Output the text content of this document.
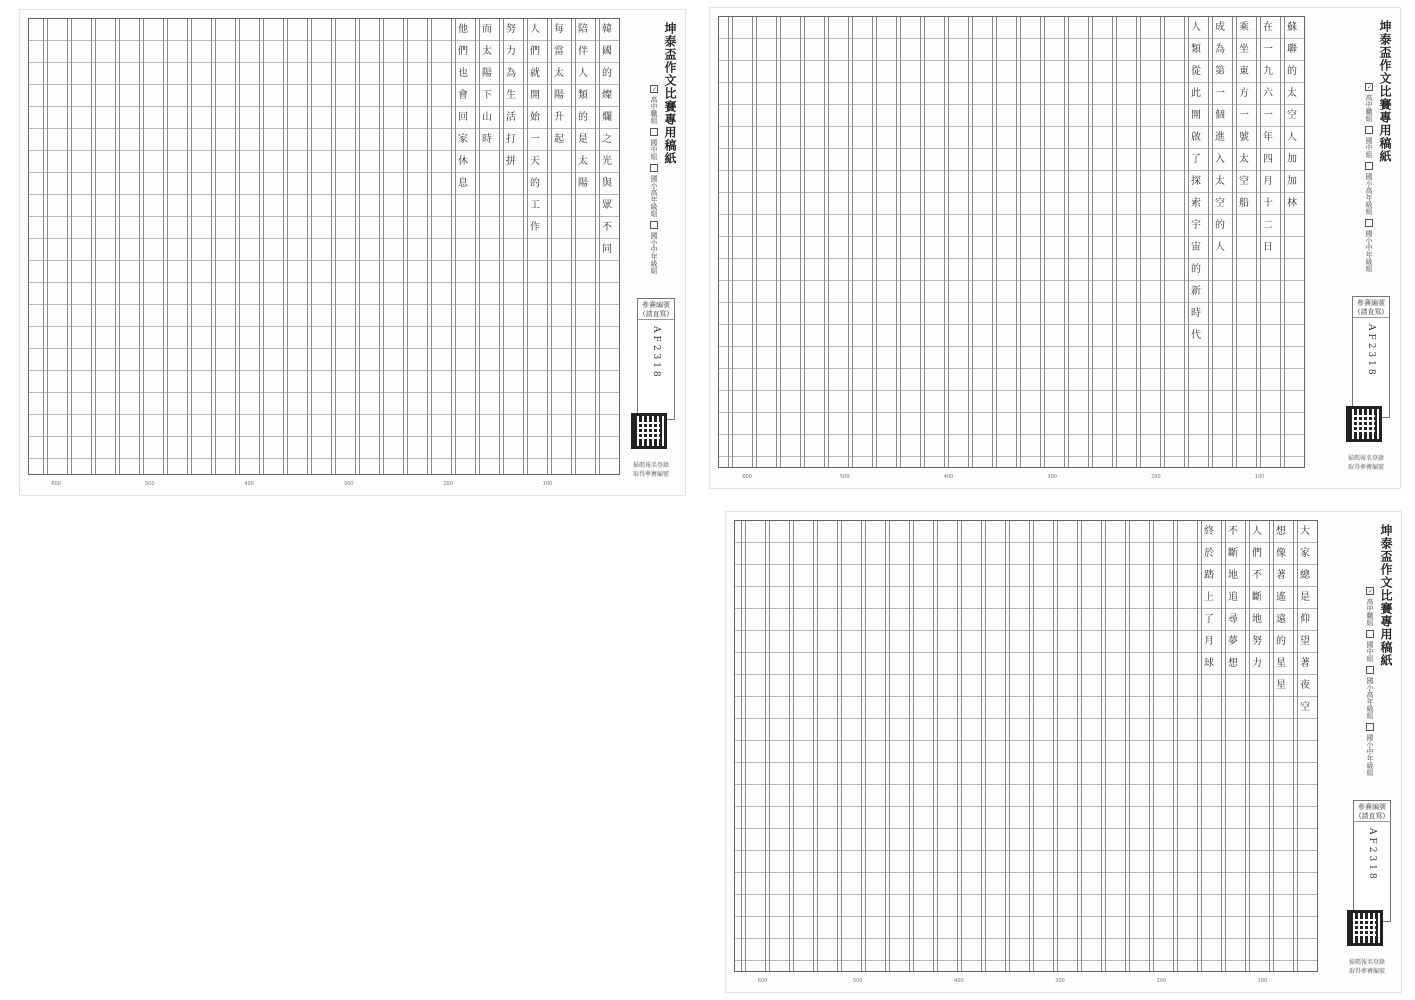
韓
國
的
燦
爛
之
光
與
眾
不
同
陪
伴
人
類
的
是
太
陽
每
當
太
陽
升
起
人
們
就
開
始
一
天
的
工
作
努
力
為
生
活
打
拼
而
太
陽
下
山
時
他
們
也
會
回
家
休
息
坤泰盃作文比賽專用稿紙
國小中年級組
國小高年級組
國中組
✓
高中職組
參賽編號
(請直寫)
AF2318
掃碼報名登錄
取得參賽編號
600	500	400	300	200	100
蘇
聯
的
太
空
人
加
加
林
在
一
九
六
一
年
四
月
十
二
日
乘
坐
東
方
一
號
太
空
船
成
為
第
一
個
進
入
太
空
的
人
人
類
從
此
開
啟
了
探
索
宇
宙
的
新
時
代
坤泰盃作文比賽專用稿紙
國小中年級組
國小高年級組
國中組
✓
高中職組
參賽編號
(請直寫)
AF2318
掃碼報名登錄
取得參賽編號
600	500	400	300	200	100
大
家
總
是
仰
望
著
夜
空
想
像
著
遙
遠
的
星
星
人
們
不
斷
地
努
力
不
斷
地
追
尋
夢
想
終
於
踏
上
了
月
球	坤泰盃作文比賽專用稿紙
國小中年級組
國小高年級組
國中組
✓
高中職組
參賽編號
(請直寫)
AF2318
掃碼報名登錄
取得參賽編號
600	500	400	300	200	100
